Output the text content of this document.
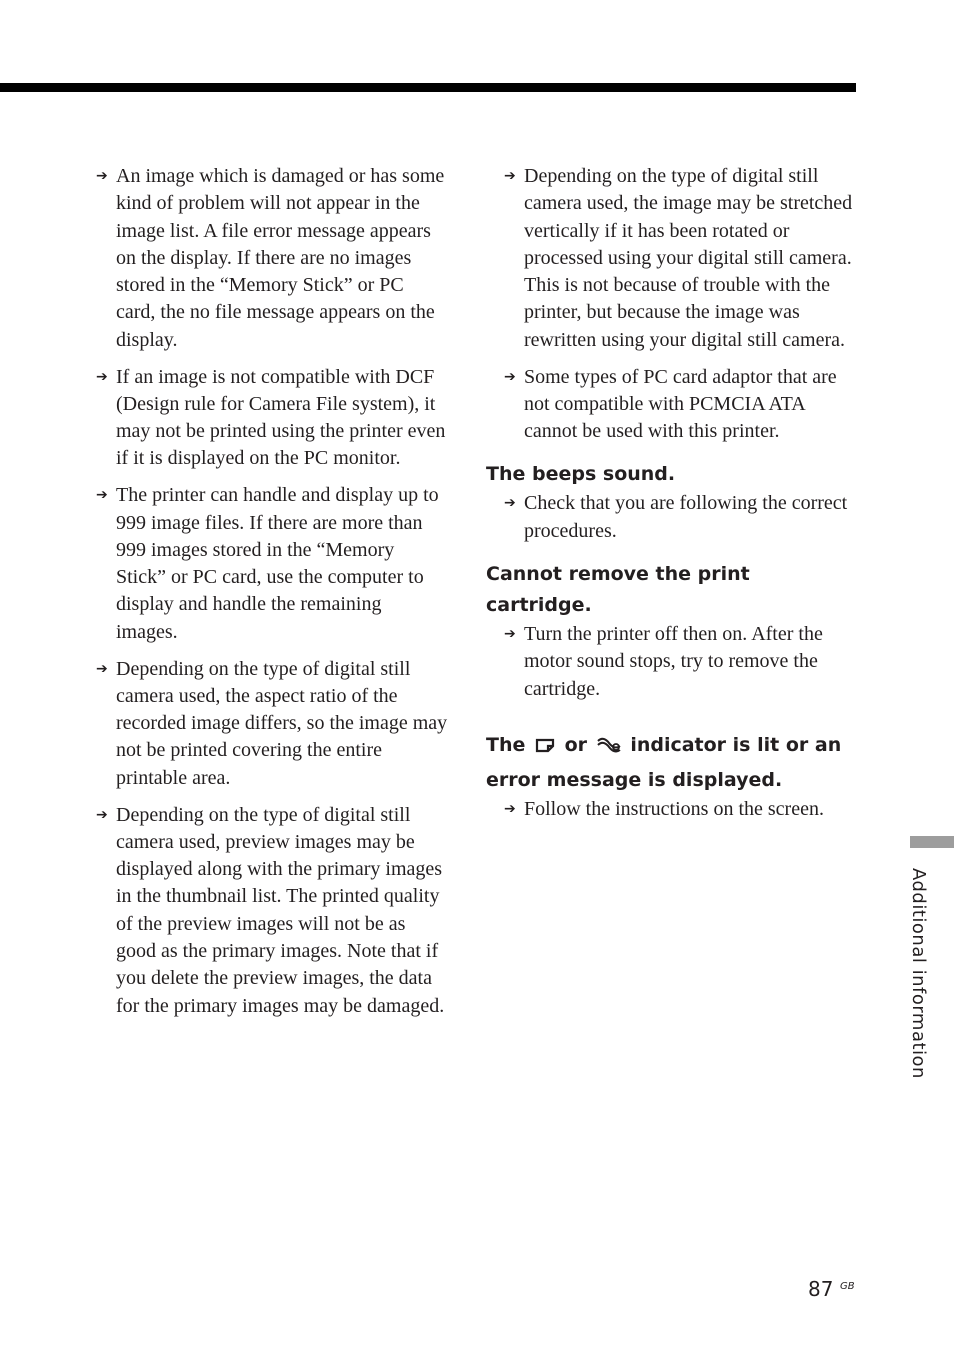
➔ An image which is damaged or has some kind of problem will not appear in the image list. A file error message appears on the display. If there are no images stored in the “Memory Stick” or PC card, the no file message appears on the display.
➔ If an image is not compatible with DCF (Design rule for Camera File system), it may not be printed using the printer even if it is displayed on the PC monitor.
➔ The printer can handle and display up to 999 image files. If there are more than 999 images stored in the “Memory Stick” or PC card, use the computer to display and handle the remaining images.
➔ Depending on the type of digital still camera used, the aspect ratio of the recorded image differs, so the image may not be printed covering the entire printable area.
➔ Depending on the type of digital still camera used, preview images may be displayed along with the primary images in the thumbnail list. The printed quality of the preview images will not be as good as the primary images. Note that if you delete the preview images, the data for the primary images may be damaged.
➔ Depending on the type of digital still camera used, the image may be stretched vertically if it has been rotated or processed using your digital still camera. This is not because of trouble with the printer, but because the image was rewritten using your digital still camera.
➔ Some types of PC card adaptor that are not compatible with PCMCIA ATA cannot be used with this printer.
The beeps sound.
➔ Check that you are following the correct procedures.
Cannot remove the print cartridge.
➔ Turn the printer off then on. After the motor sound stops, try to remove the cartridge.
The or indicator is lit or an error message is displayed.
➔ Follow the instructions on the screen.
Additional information
87 GB
